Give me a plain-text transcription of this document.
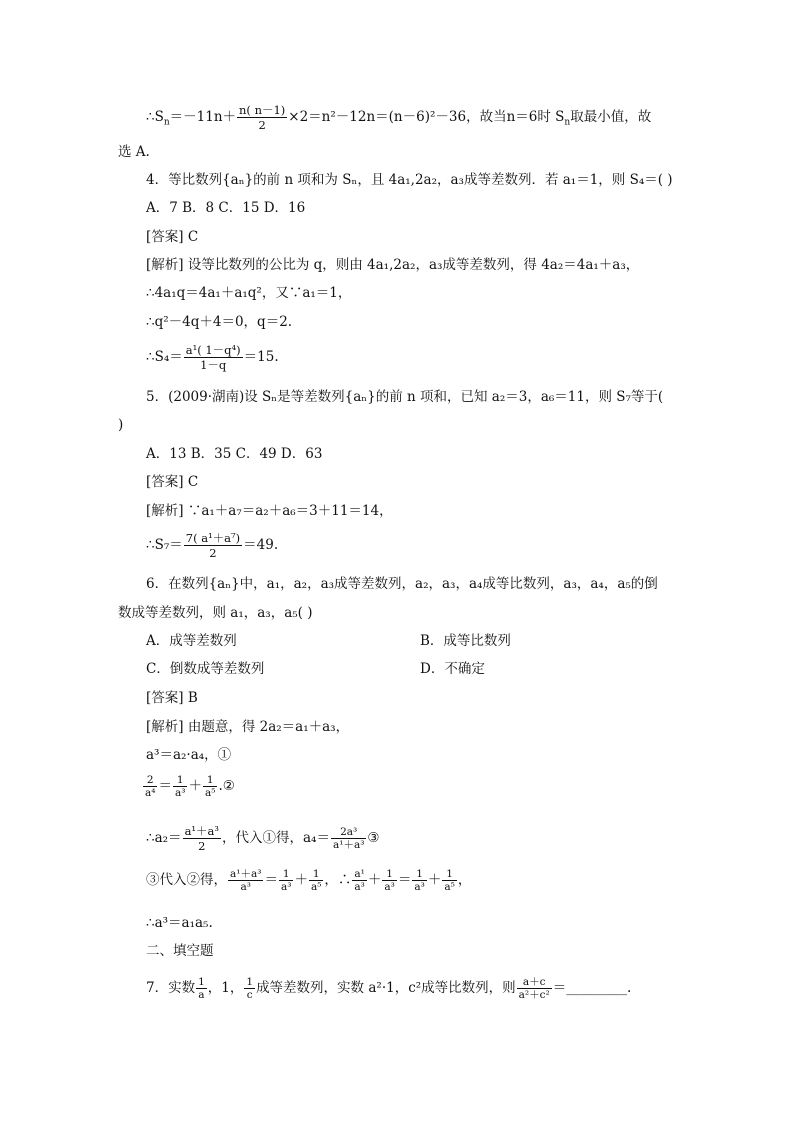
$\therefore S_n=-11n+ \frac{n( n-1)}{2} \times 2=n^2-12n=(n-6)^2-36$，故当n＝6时 $S_n$取最小值，故
选 A.
4．等比数列{aₙ}的前 n 项和为 Sₙ，且 4a₁,2a₂，a₃成等差数列．若 a₁＝1，则 S₄＝( )
A．7 B．8 C．15 D．16
[答案] C
[解析] 设等比数列的公比为 q，则由 4a₁,2a₂，a₃成等差数列，得 4a₂＝4a₁＋a₃，
∴4a₁q＝4a₁＋a₁q²，又∵a₁＝1，
∴q²－4q＋4＝0，q＝2.
∴S₄＝ $\frac{\text{a¹( 1－q⁴)}}{1-q} =15$.
5．(2009·湖南)设 Sₙ是等差数列{aₙ}的前 n 项和，已知 a₂＝3，a₆＝11，则 S₇等于(
)
A．13 B．35 C．49 D．63
[答案] C
[解析] ∵a₁＋a₇＝a₂＋a₆＝3＋11＝14，
∴S₇＝ $\frac{\text{7( a¹＋a⁷)}}{2} =49$.
6．在数列{aₙ}中，a₁，a₂，a₃成等差数列，a₂，a₃，a₄成等比数列，a₃，a₄，a₅的倒
数成等差数列，则 a₁，a₃，a₅( )
A．成等差数列	B．成等比数列
C．倒数成等差数列	D．不确定
[答案] B
[解析] 由题意，得 2a₂＝a₁＋a₃，
a³＝a₂·a₄，①
$\frac{2}{\text{a⁴}} = \frac{1}{\text{a³}} + \frac{1}{\text{a⁵}}$ .②
∴a₂＝ $\frac{\text{a¹＋a³}}{2}$ ，代入①得，$a_4= \frac{\text{2a³}}{\text{a¹＋a³}}$ ③
③代入②得， $\frac{\text{a¹＋a³}}{\text{a³}} = \frac{1}{\text{a³}} + \frac{1}{\text{a⁵}}$ ，∴ $\frac{\text{a¹}}{\text{a³}} + \frac{1}{\text{a³}} = \frac{1}{\text{a³}} + \frac{1}{\text{a⁵}}$ ，
∴a³＝a₁a₅.
二、填空题
7．实数 $\frac{1}{a}$ ，1， $\frac{1}{c}$ 成等差数列，实数 a²·1，c²成等比数列，则 $\frac{a+c}{\text{a²＋c²}}$ ＝_________.
